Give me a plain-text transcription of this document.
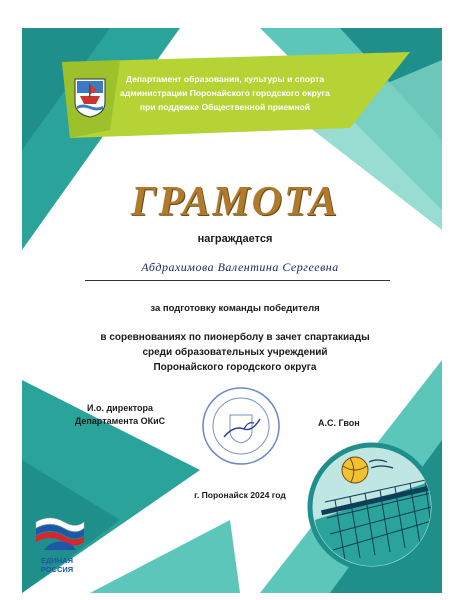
Департамент образования, культуры и спорта
администрации Поронайского городского округа
при поддежке Общественной приемной
ГРАМОТА
награждается
Абдрахимова Валентина Сергеевна
за подготовку команды победителя
в соревнованиях по пионерболу в зачет спартакиады
среди образовательных учреждений
Поронайского городского округа
И.о. директора
Департамента ОКиС	А.С. Гвон
г. Поронайск 2024 год
ЕДИНАЯ
РОССИЯ
